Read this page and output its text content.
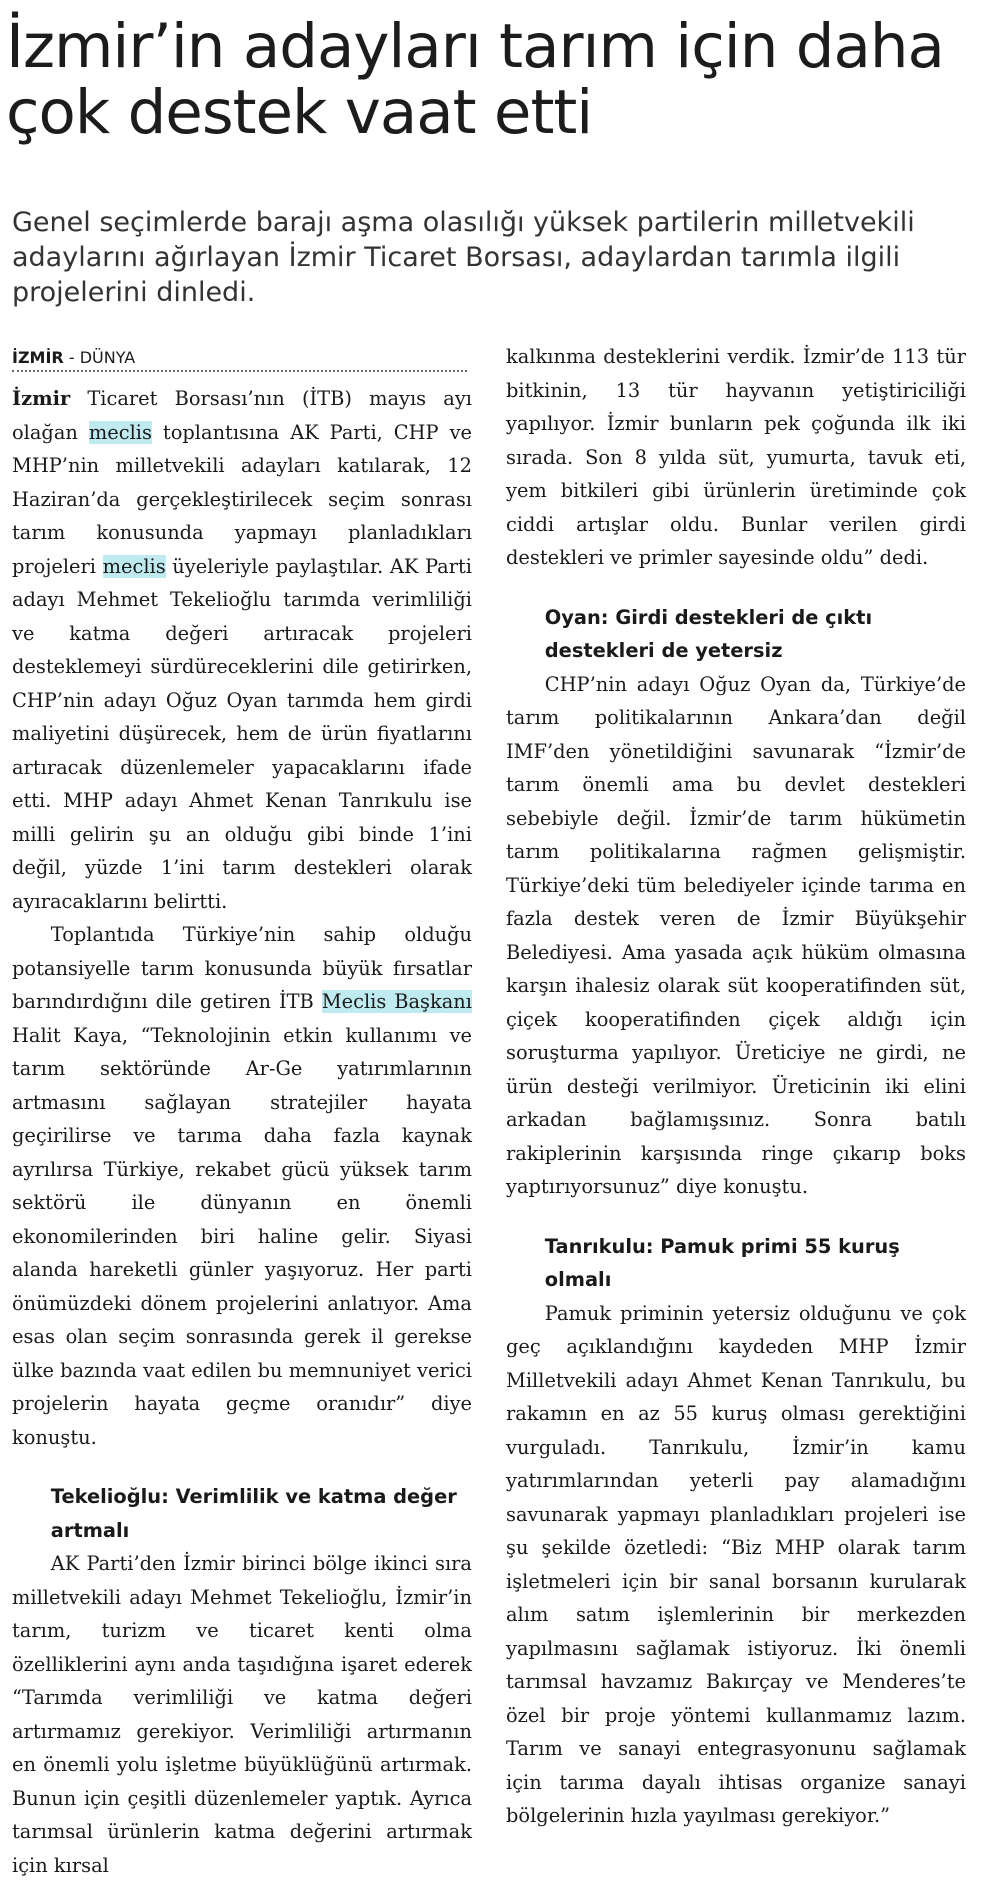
İzmir’in adayları tarım için daha çok destek vaat etti

Genel seçimlerde barajı aşma olasılığı yüksek partilerin milletvekili adaylarını ağırlayan İzmir Ticaret Borsası, adaylardan tarımla ilgili projelerini dinledi.

İZMİR - DÜNYA

İzmir Ticaret Borsası’nın (İTB) mayıs ayı olağan meclis toplantısına AK Parti, CHP ve MHP’nin milletvekili adayları katılarak, 12 Haziran’da gerçekleştirilecek seçim sonrası tarım konusunda yapmayı planladıkları projeleri meclis üyeleriyle paylaştılar. AK Parti adayı Mehmet Tekelioğlu tarımda verimliliği ve katma değeri artıracak projeleri desteklemeyi sürdüreceklerini dile getirirken, CHP’nin adayı Oğuz Oyan tarımda hem girdi maliyetini düşürecek, hem de ürün fiyatlarını artıracak düzenlemeler yapacaklarını ifade etti. MHP adayı Ahmet Kenan Tanrıkulu ise milli gelirin şu an olduğu gibi binde 1’ini değil, yüzde 1’ini tarım destekleri olarak ayıracaklarını belirtti.

Toplantıda Türkiye’nin sahip olduğu potansiyelle tarım konusunda büyük fırsatlar barındırdığını dile getiren İTB Meclis Başkanı Halit Kaya, “Teknolojinin etkin kullanımı ve tarım sektöründe Ar-Ge yatırımlarının artmasını sağlayan stratejiler hayata geçirilirse ve tarıma daha fazla kaynak ayrılırsa Türkiye, rekabet gücü yüksek tarım sektörü ile dünyanın en önemli ekonomilerinden biri haline gelir. Siyasi alanda hareketli günler yaşıyoruz. Her parti önümüzdeki dönem projelerini anlatıyor. Ama esas olan seçim sonrasında gerek il gerekse ülke bazında vaat edilen bu memnuniyet verici projelerin hayata geçme oranıdır” diye konuştu.

Tekelioğlu: Verimlilik ve katma değer artmalı

AK Parti’den İzmir birinci bölge ikinci sıra milletvekili adayı Mehmet Tekelioğlu, İzmir’in tarım, turizm ve ticaret kenti olma özelliklerini aynı anda taşıdığına işaret ederek “Tarımda verimliliği ve katma değeri artırmamız gerekiyor. Verimliliği artırmanın en önemli yolu işletme büyüklüğünü artırmak. Bunun için çeşitli düzenlemeler yaptık. Ayrıca tarımsal ürünlerin katma değerini artırmak için kırsal

kalkınma desteklerini verdik. İzmir’de 113 tür bitkinin, 13 tür hayvanın yetiştiriciliği yapılıyor. İzmir bunların pek çoğunda ilk iki sırada. Son 8 yılda süt, yumurta, tavuk eti, yem bitkileri gibi ürünlerin üretiminde çok ciddi artışlar oldu. Bunlar verilen girdi destekleri ve primler sayesinde oldu” dedi.

Oyan: Girdi destekleri de çıktı destekleri de yetersiz

CHP’nin adayı Oğuz Oyan da, Türkiye’de tarım politikalarının Ankara’dan değil IMF’den yönetildiğini savunarak “İzmir’de tarım önemli ama bu devlet destekleri sebebiyle değil. İzmir’de tarım hükümetin tarım politikalarına rağmen gelişmiştir. Türkiye’deki tüm belediyeler içinde tarıma en fazla destek veren de İzmir Büyükşehir Belediyesi. Ama yasada açık hüküm olmasına karşın ihalesiz olarak süt kooperatifinden süt, çiçek kooperatifinden çiçek aldığı için soruşturma yapılıyor. Üreticiye ne girdi, ne ürün desteği verilmiyor. Üreticinin iki elini arkadan bağlamışsınız. Sonra batılı rakiplerinin karşısında ringe çıkarıp boks yaptırıyorsunuz” diye konuştu.

Tanrıkulu: Pamuk primi 55 kuruş olmalı

Pamuk priminin yetersiz olduğunu ve çok geç açıklandığını kaydeden MHP İzmir Milletvekili adayı Ahmet Kenan Tanrıkulu, bu rakamın en az 55 kuruş olması gerektiğini vurguladı. Tanrıkulu, İzmir’in kamu yatırımlarından yeterli pay alamadığını savunarak yapmayı planladıkları projeleri ise şu şekilde özetledi: “Biz MHP olarak tarım işletmeleri için bir sanal borsanın kurularak alım satım işlemlerinin bir merkezden yapılmasını sağlamak istiyoruz. İki önemli tarımsal havzamız Bakırçay ve Menderes’te özel bir proje yöntemi kullanmamız lazım. Tarım ve sanayi entegrasyonunu sağlamak için tarıma dayalı ihtisas organize sanayi bölgelerinin hızla yayılması gerekiyor.”
